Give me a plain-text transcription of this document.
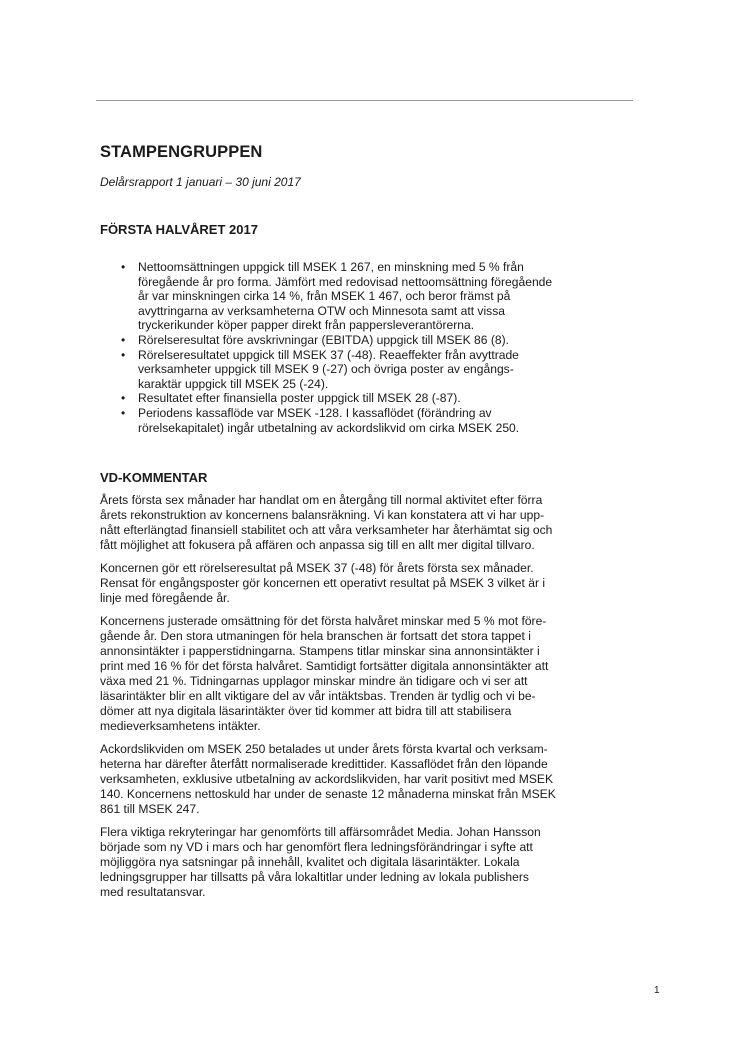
STAMPENGRUPPEN

Delårsrapport 1 januari – 30 juni 2017

FÖRSTA HALVÅRET 2017
• Nettoomsättningen uppgick till MSEK 1 267, en minskning med 5 % från
föregående år pro forma. Jämfört med redovisad nettoomsättning föregående
år var minskningen cirka 14 %, från MSEK 1 467, och beror främst på
avyttringarna av verksamheterna OTW och Minnesota samt att vissa
tryckerikunder köper papper direkt från pappersleverantörerna.
• Rörelseresultat före avskrivningar (EBITDA) uppgick till MSEK 86 (8).
• Rörelseresultatet uppgick till MSEK 37 (-48). Reaeffekter från avyttrade
verksamheter uppgick till MSEK 9 (-27) och övriga poster av engångs-
karaktär uppgick till MSEK 25 (-24).
• Resultatet efter finansiella poster uppgick till MSEK 28 (-87).
• Periodens kassaflöde var MSEK -128. I kassaflödet (förändring av
rörelsekapitalet) ingår utbetalning av ackordslikvid om cirka MSEK 250.
VD-KOMMENTAR

Årets första sex månader har handlat om en återgång till normal aktivitet efter förra
årets rekonstruktion av koncernens balansräkning. Vi kan konstatera att vi har upp-
nått efterlängtad finansiell stabilitet och att våra verksamheter har återhämtat sig och
fått möjlighet att fokusera på affären och anpassa sig till en allt mer digital tillvaro.

Koncernen gör ett rörelseresultat på MSEK 37 (-48) för årets första sex månader.
Rensat för engångsposter gör koncernen ett operativt resultat på MSEK 3 vilket är i
linje med föregående år.

Koncernens justerade omsättning för det första halvåret minskar med 5 % mot före-
gående år. Den stora utmaningen för hela branschen är fortsatt det stora tappet i
annonsintäkter i papperstidningarna. Stampens titlar minskar sina annonsintäkter i
print med 16 % för det första halvåret. Samtidigt fortsätter digitala annonsintäkter att
växa med 21 %. Tidningarnas upplagor minskar mindre än tidigare och vi ser att
läsarintäkter blir en allt viktigare del av vår intäktsbas. Trenden är tydlig och vi be-
dömer att nya digitala läsarintäkter över tid kommer att bidra till att stabilisera
medieverksamhetens intäkter.

Ackordslikviden om MSEK 250 betalades ut under årets första kvartal och verksam-
heterna har därefter återfått normaliserade kredittider. Kassaflödet från den löpande
verksamheten, exklusive utbetalning av ackordslikviden, har varit positivt med MSEK
140. Koncernens nettoskuld har under de senaste 12 månaderna minskat från MSEK
861 till MSEK 247.

Flera viktiga rekryteringar har genomförts till affärsområdet Media. Johan Hansson
började som ny VD i mars och har genomfört flera ledningsförändringar i syfte att
möjliggöra nya satsningar på innehåll, kvalitet och digitala läsarintäkter. Lokala
ledningsgrupper har tillsatts på våra lokaltitlar under ledning av lokala publishers
med resultatansvar.

1
